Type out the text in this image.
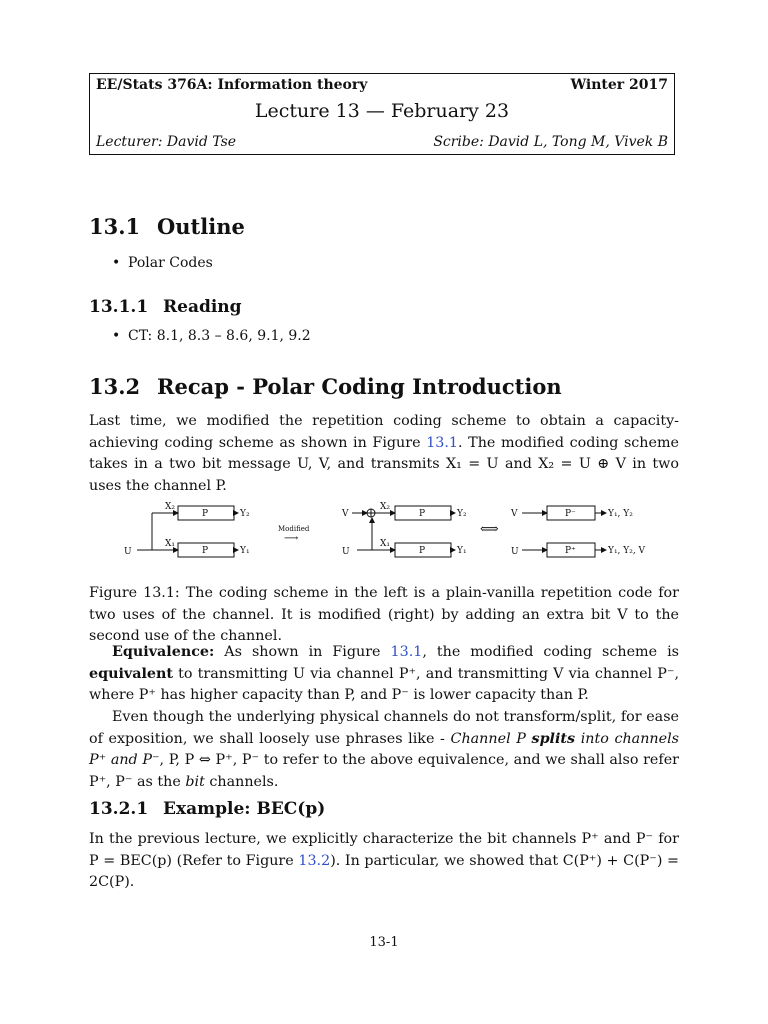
EE/Stats 376A: Information theory	Winter 2017
Lecture 13 — February 23
Lecturer: David Tse	Scribe: David L, Tong M, Vivek B
13.1 Outline
• Polar Codes
13.1.1 Reading
• CT: 8.1, 8.3 – 8.6, 9.1, 9.2
13.2 Recap - Polar Coding Introduction

Last time, we modified the repetition coding scheme to obtain a capacity-achieving coding scheme as shown in Figure 13.1. The modified coding scheme takes in a two bit message U, V, and transmits X₁ = U and X₂ = U ⊕ V in two uses the channel P.

U
X₂
X₁
P
P
Y₂
Y₁
Modified
⟶
V
U
X₂
X₁
P
P
Y₂
Y₁
⟺
V
U
P⁻
P⁺
Y₁, Y₂
Y₁, Y₂, V

Figure 13.1: The coding scheme in the left is a plain-vanilla repetition code for two uses of the channel. It is modified (right) by adding an extra bit V to the second use of the channel.

Equivalence: As shown in Figure 13.1, the modified coding scheme is equivalent to transmitting U via channel P⁺, and transmitting V via channel P⁻, where P⁺ has higher capacity than P, and P⁻ is lower capacity than P.

Even though the underlying physical channels do not transform/split, for ease of exposition, we shall loosely use phrases like - Channel P splits into channels P⁺ and P⁻, P, P ⇔ P⁺, P⁻ to refer to the above equivalence, and we shall also refer P⁺, P⁻ as the bit channels.

13.2.1 Example: BEC(p)

In the previous lecture, we explicitly characterize the bit channels P⁺ and P⁻ for P = BEC(p) (Refer to Figure 13.2). In particular, we showed that C(P⁺) + C(P⁻) = 2C(P).

13-1
